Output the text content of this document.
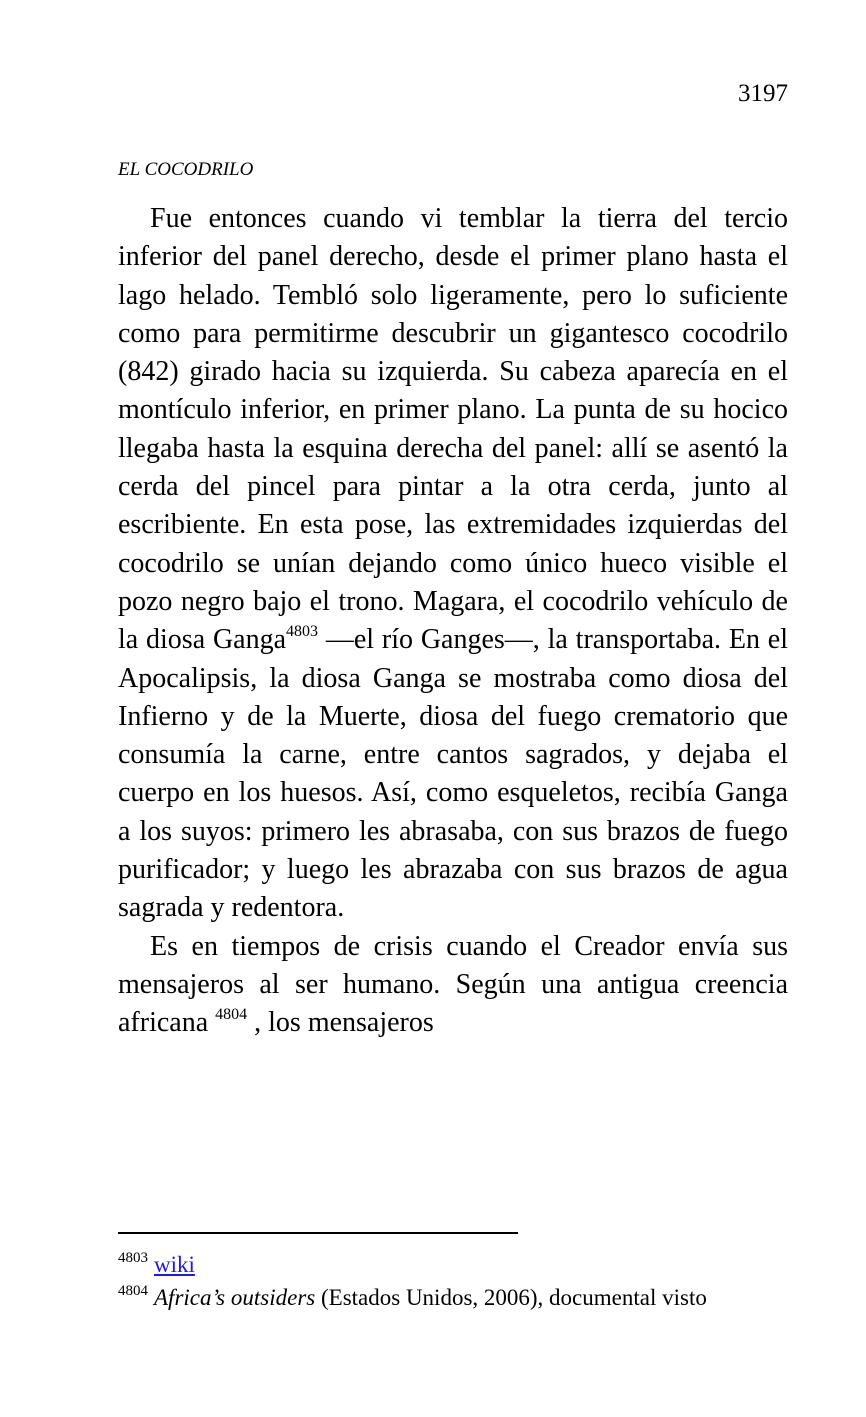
3197
EL COCODRILO

Fue entonces cuando vi temblar la tierra del tercio inferior del panel derecho, desde el primer plano hasta el lago helado. Tembló solo ligeramente, pero lo suficiente como para permitirme descubrir un gigantesco cocodrilo (842) girado hacia su izquierda. Su cabeza aparecía en el montículo inferior, en primer plano. La punta de su hocico llegaba hasta la esquina derecha del panel: allí se asentó la cerda del pincel para pintar a la otra cerda, junto al escribiente. En esta pose, las extremidades izquierdas del cocodrilo se unían dejando como único hueco visible el pozo negro bajo el trono. Magara, el cocodrilo vehículo de la diosa Ganga$^{4803}$ —el río Ganges—, la transportaba. En el Apocalipsis, la diosa Ganga se mostraba como diosa del Infierno y de la Muerte, diosa del fuego crematorio que consumía la carne, entre cantos sagrados, y dejaba el cuerpo en los huesos. Así, como esqueletos, recibía Ganga a los suyos: primero les abrasaba, con sus brazos de fuego purificador; y luego les abrazaba con sus brazos de agua sagrada y redentora.

Es en tiempos de crisis cuando el Creador envía sus mensajeros al ser humano. Según una antigua creencia africana $^{4804}$ , los mensajeros

$^{4803}$ wiki
$^{4804}$ Africa’s outsiders (Estados Unidos, 2006), documental visto
